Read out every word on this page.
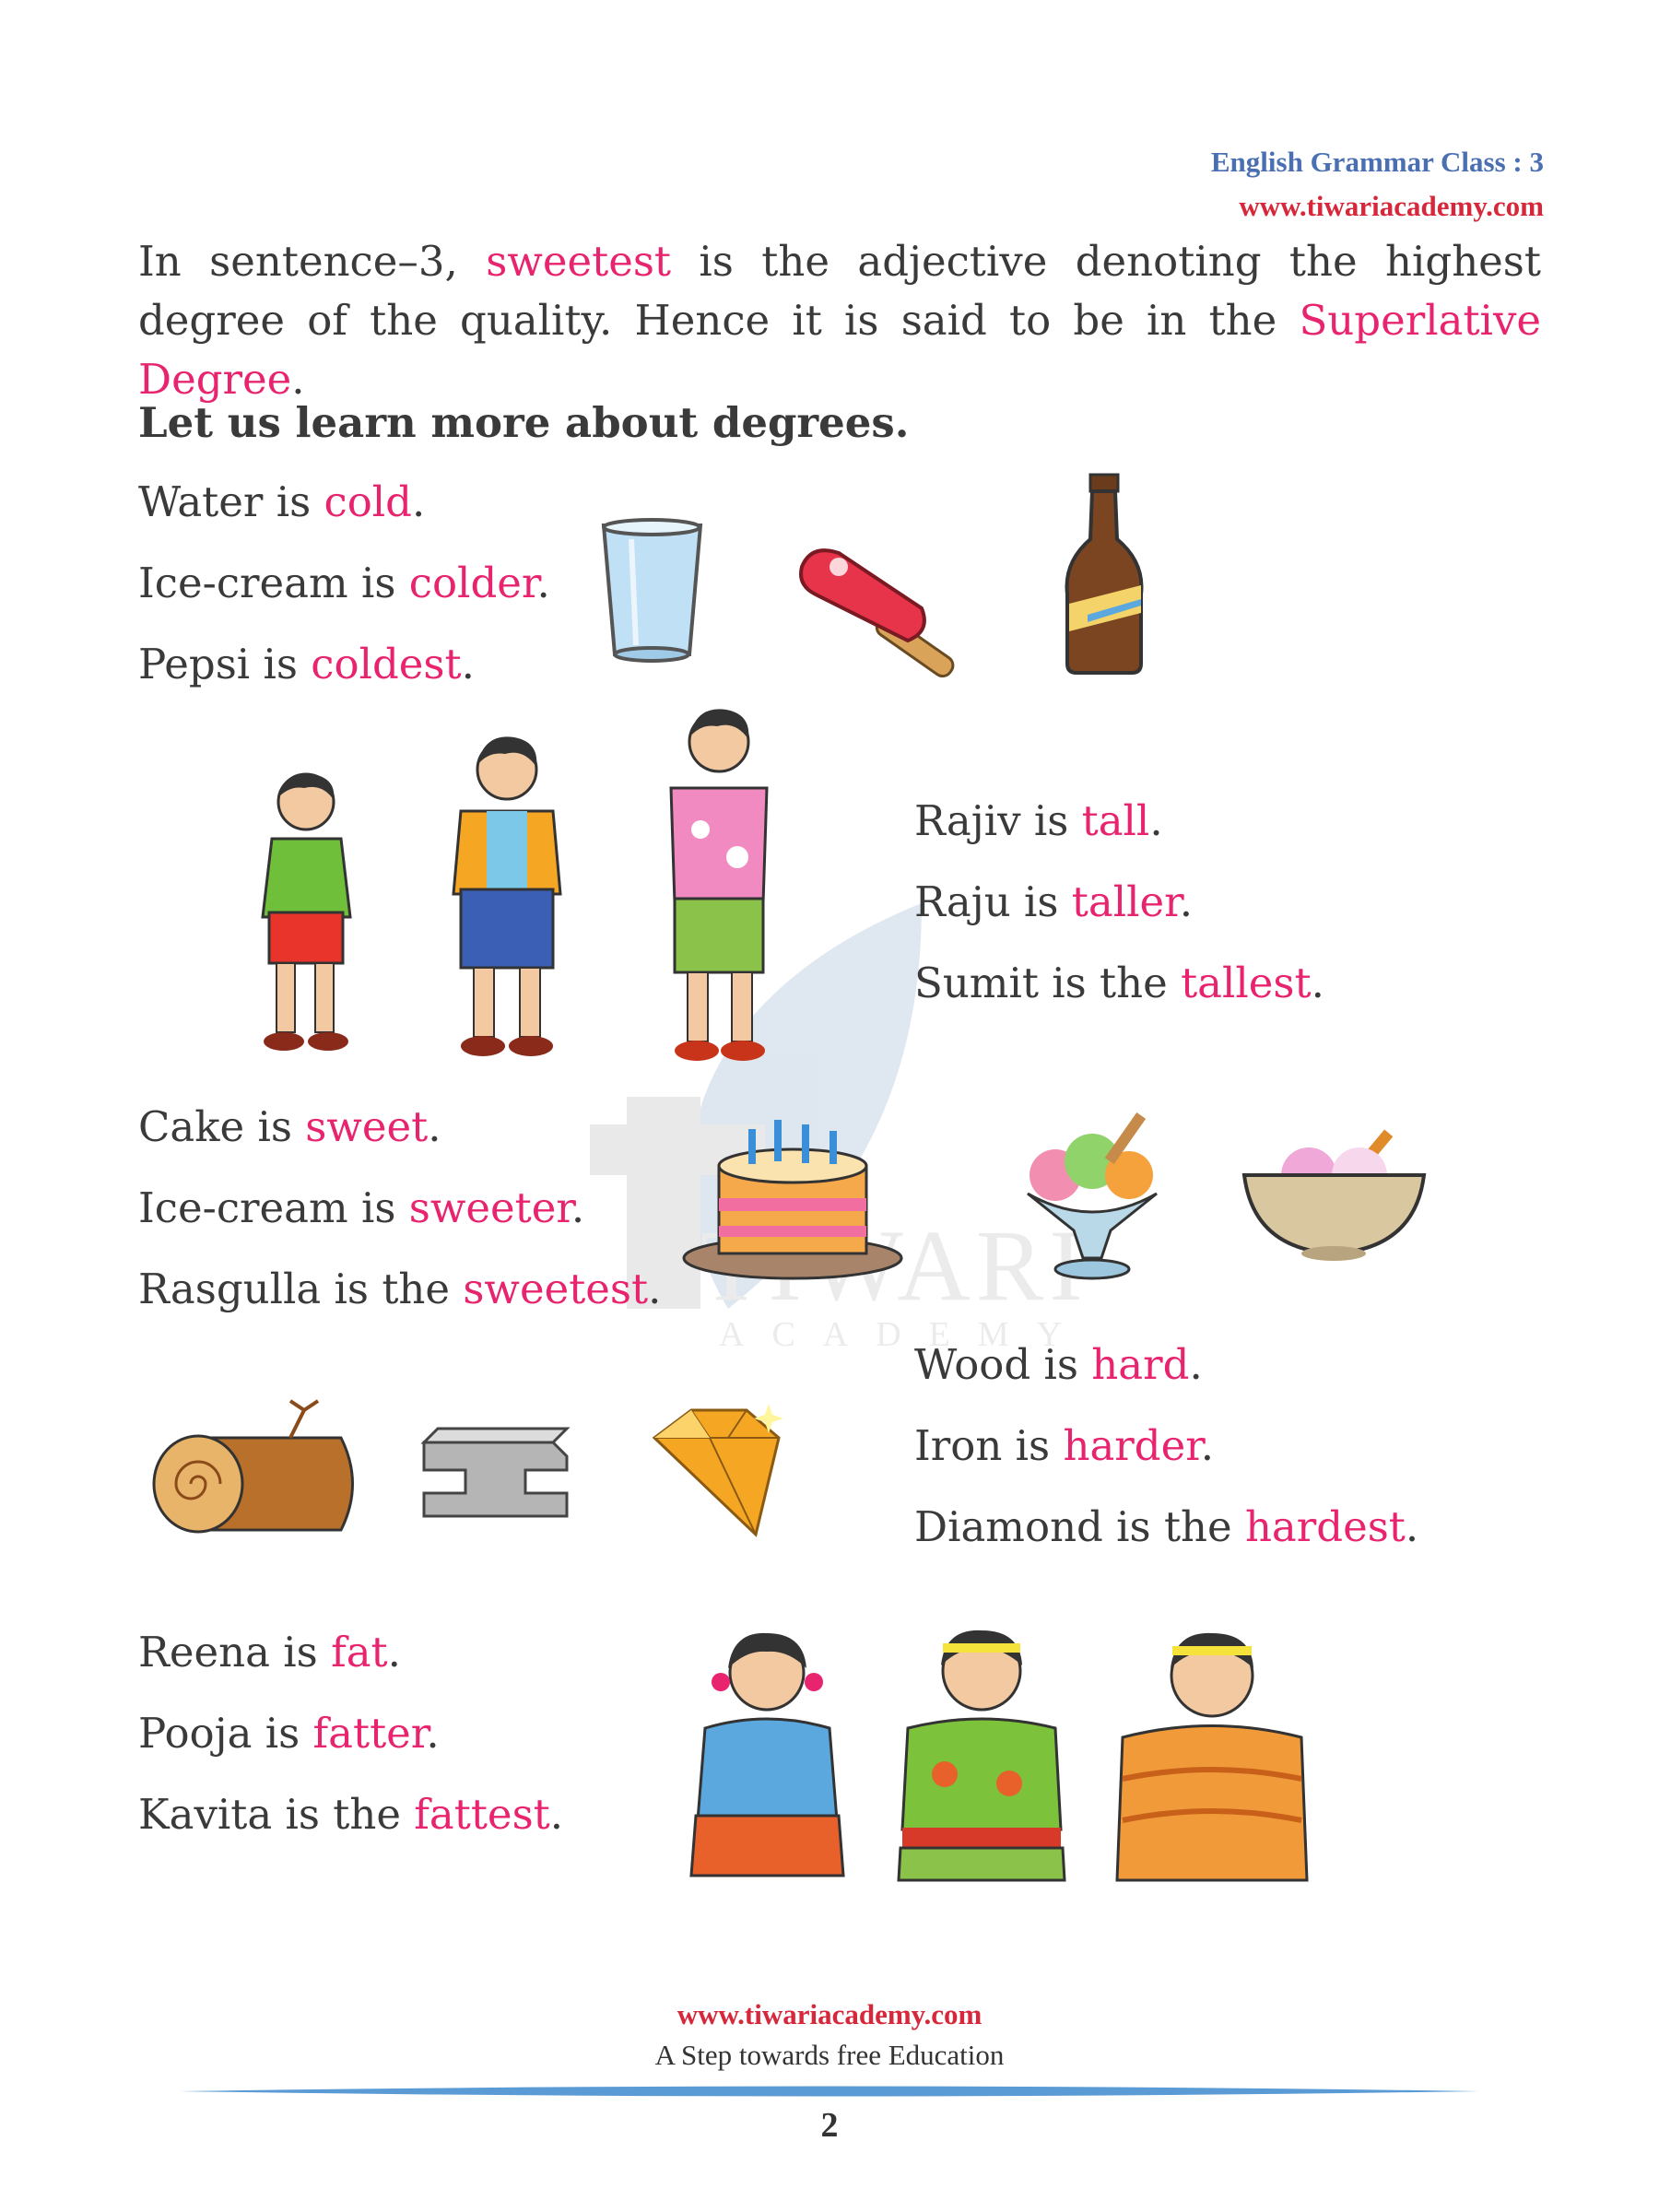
ACADEMY
English Grammar Class : 3
www.tiwariacademy.com
In sentence–3, sweetest is the adjective denoting the highest degree of the quality. Hence it is said to be in the Superlative Degree.
Let us learn more about degrees.
Water is cold.
Ice-cream is colder.
Pepsi is coldest.
Rajiv is tall.
Raju is taller.
Sumit is the tallest.
Cake is sweet.
Ice-cream is sweeter.
Rasgulla is the sweetest.
Wood is hard.
Iron is harder.
Diamond is the hardest.
Reena is fat.
Pooja is fatter.
Kavita is the fattest.
www.tiwariacademy.com
A Step towards free Education
2
